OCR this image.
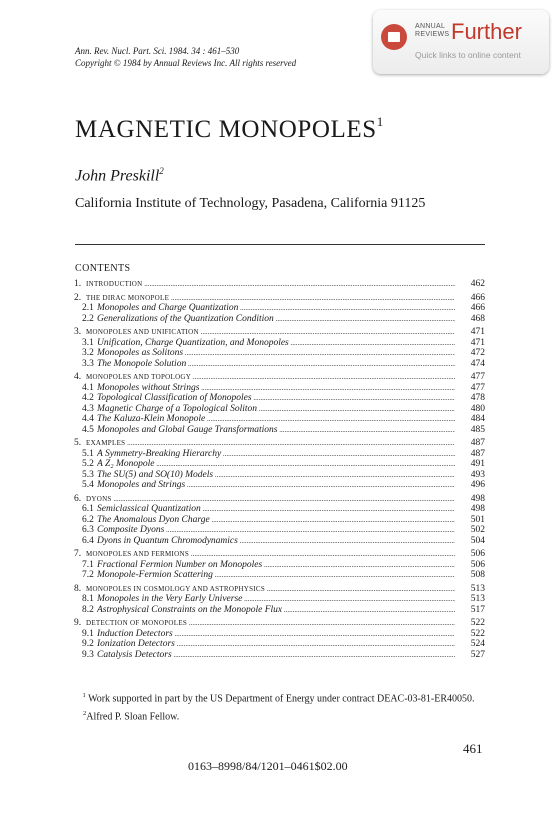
Ann. Rev. Nucl. Part. Sci. 1984. 34 : 461–530
Copyright © 1984 by Annual Reviews Inc. All rights reserved
ANNUAL REVIEWS Further
Quick links to online content
MAGNETIC MONOPOLES$^1$
John Preskill$^2$
California Institute of Technology, Pasadena, California 91125
CONTENTS
1. INTRODUCTION .....	462
2. THE DIRAC MONOPOLE .....	466
2.1 Monopoles and Charge Quantization .....	466
2.2 Generalizations of the Quantization Condition .....	468
3. MONOPOLES AND UNIFICATION .....	471
3.1 Unification, Charge Quantization, and Monopoles .....	471
3.2 Monopoles as Solitons .....	472
3.3 The Monopole Solution .....	474
4. MONOPOLES AND TOPOLOGY .....	477
4.1 Monopoles without Strings .....	477
4.2 Topological Classification of Monopoles .....	478
4.3 Magnetic Charge of a Topological Soliton .....	480
4.4 The Kaluza-Klein Monopole .....	484
4.5 Monopoles and Global Gauge Transformations .....	485
5. EXAMPLES .....	487
5.1 A Symmetry-Breaking Hierarchy .....	487
5.2 A Z₂ Monopole .....	491
5.3 The SU(5) and SO(10) Models .....	493
5.4 Monopoles and Strings .....	496
6. DYONS .....	498
6.1 Semiclassical Quantization .....	498
6.2 The Anomalous Dyon Charge .....	501
6.3 Composite Dyons .....	502
6.4 Dyons in Quantum Chromodynamics .....	504
7. MONOPOLES AND FERMIONS .....	506
7.1 Fractional Fermion Number on Monopoles .....	506
7.2 Monopole-Fermion Scattering .....	508
8. MONOPOLES IN COSMOLOGY AND ASTROPHYSICS .....	513
8.1 Monopoles in the Very Early Universe .....	513
8.2 Astrophysical Constraints on the Monopole Flux .....	517
9. DETECTION OF MONOPOLES .....	522
9.1 Induction Detectors .....	522
9.2 Ionization Detectors .....	524
9.3 Catalysis Detectors .....	527
$^1$ Work supported in part by the US Department of Energy under contract DEAC-03-81-ER40050.
$^2$Alfred P. Sloan Fellow.
461
0163–8998/84/1201–0461$02.00
